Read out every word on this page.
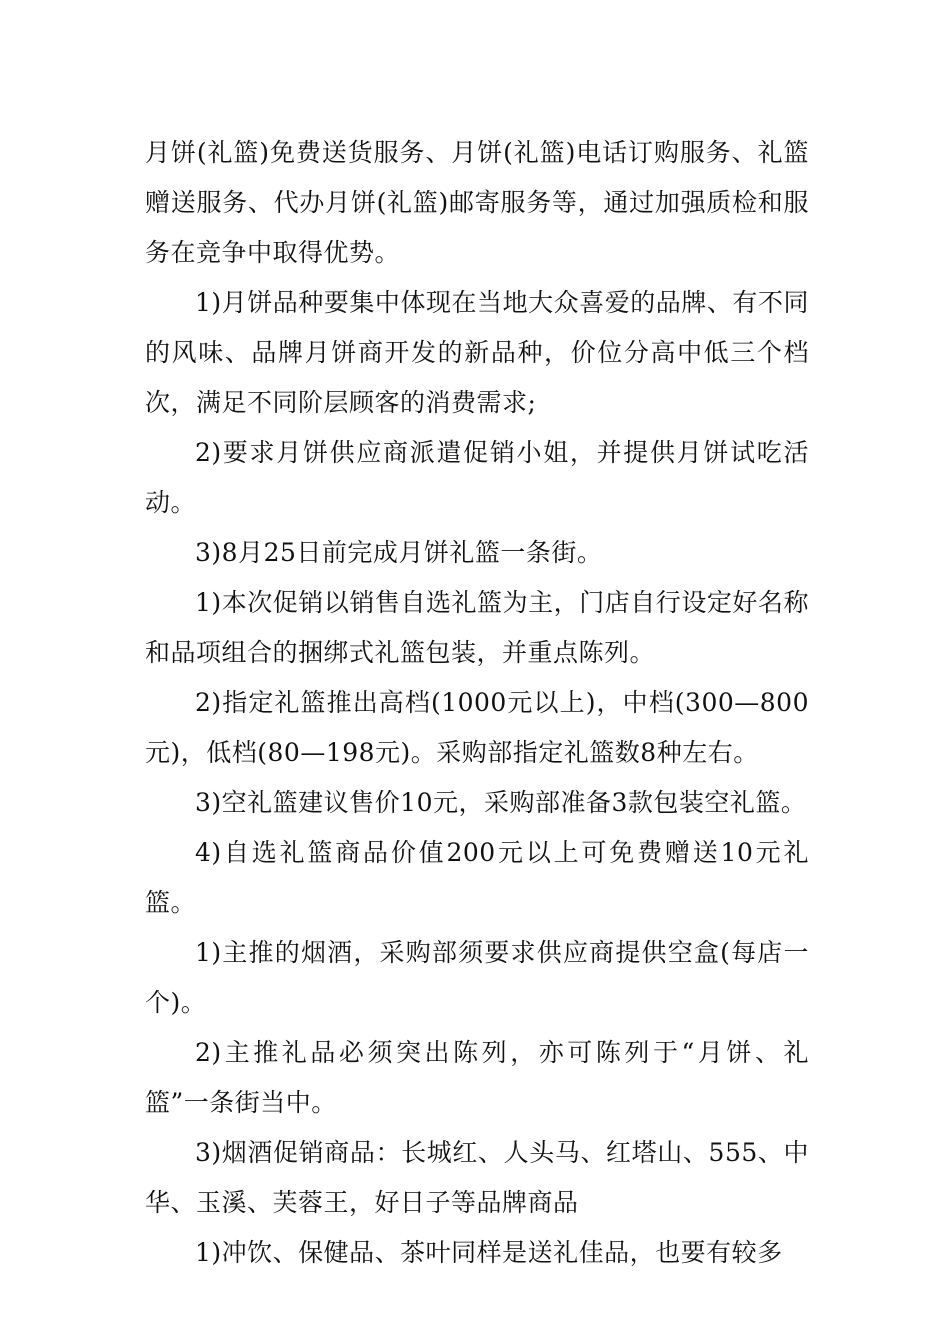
月饼(礼篮)免费送货服务、月饼(礼篮)电话订购服务、礼篮赠送服务、代办月饼(礼篮)邮寄服务等，通过加强质检和服务在竞争中取得优势。

1)月饼品种要集中体现在当地大众喜爱的品牌、有不同的风味、品牌月饼商开发的新品种，价位分高中低三个档次，满足不同阶层顾客的消费需求;

2)要求月饼供应商派遣促销小姐，并提供月饼试吃活动。

3)8月25日前完成月饼礼篮一条街。

1)本次促销以销售自选礼篮为主，门店自行设定好名称和品项组合的捆绑式礼篮包装，并重点陈列。

2)指定礼篮推出高档(1000元以上)，中档(300—800元)，低档(80—198元)。采购部指定礼篮数8种左右。

3)空礼篮建议售价10元，采购部准备3款包装空礼篮。

4)自选礼篮商品价值200元以上可免费赠送10元礼篮。

1)主推的烟酒，采购部须要求供应商提供空盒(每店一个)。

2)主推礼品必须突出陈列，亦可陈列于“月饼、礼篮”一条街当中。

3)烟酒促销商品：长城红、人头马、红塔山、555、中华、玉溪、芙蓉王，好日子等品牌商品

1)冲饮、保健品、茶叶同样是送礼佳品，也要有较多
